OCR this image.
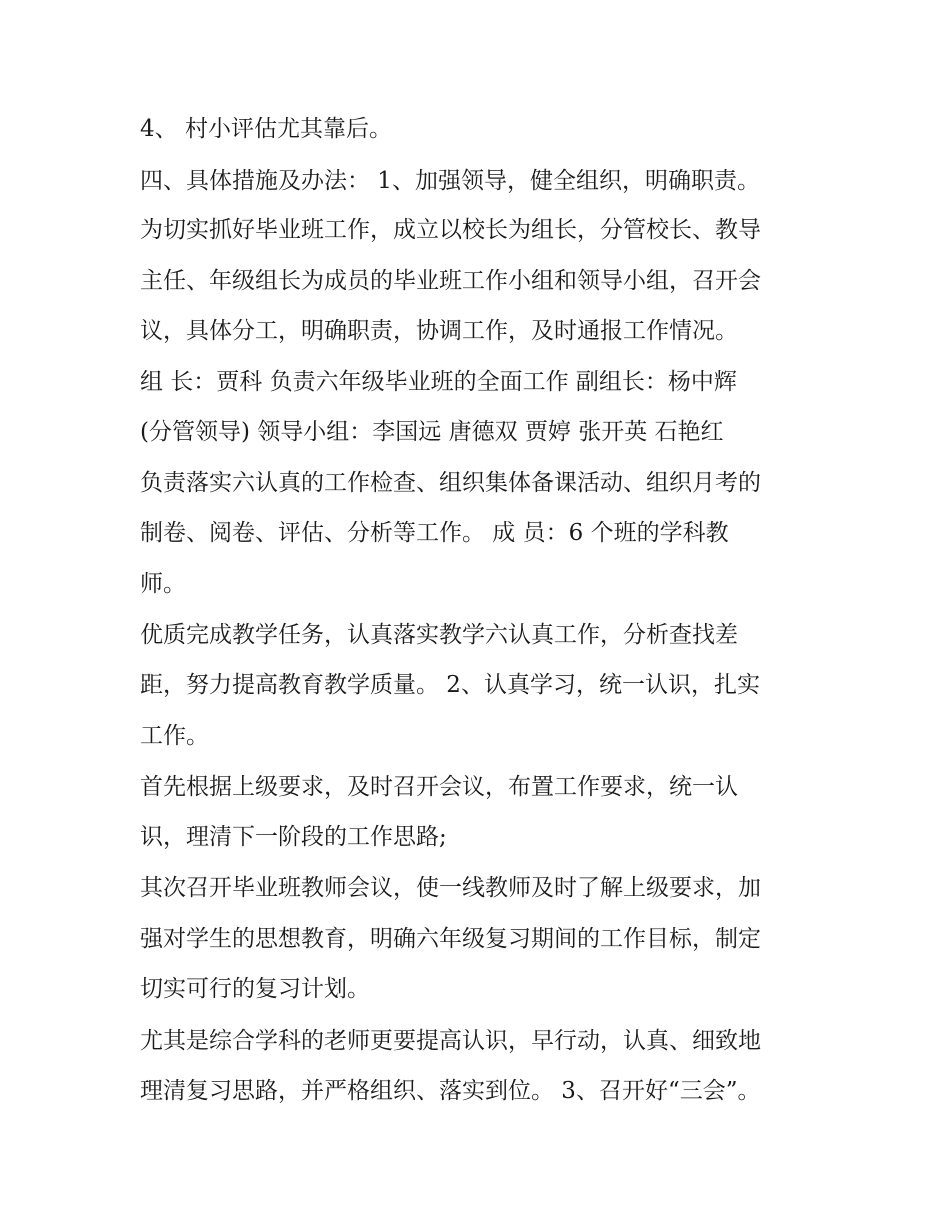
4、 村小评估尤其靠后。
四、具体措施及办法： 1、加强领导，健全组织，明确职责。
为切实抓好毕业班工作，成立以校长为组长，分管校长、教导
主任、年级组长为成员的毕业班工作小组和领导小组，召开会
议，具体分工，明确职责，协调工作，及时通报工作情况。
组 长：贾科 负责六年级毕业班的全面工作 副组长：杨中辉
(分管领导) 领导小组：李国远 唐德双 贾婷 张开英 石艳红
负责落实六认真的工作检查、组织集体备课活动、组织月考的
制卷、阅卷、评估、分析等工作。 成 员：6 个班的学科教
师。
优质完成教学任务，认真落实教学六认真工作，分析查找差
距，努力提高教育教学质量。 2、认真学习，统一认识，扎实
工作。
首先根据上级要求，及时召开会议，布置工作要求，统一认
识，理清下一阶段的工作思路;
其次召开毕业班教师会议，使一线教师及时了解上级要求，加
强对学生的思想教育，明确六年级复习期间的工作目标，制定
切实可行的复习计划。
尤其是综合学科的老师更要提高认识，早行动，认真、细致地
理清复习思路，并严格组织、落实到位。 3、召开好“三会”。
